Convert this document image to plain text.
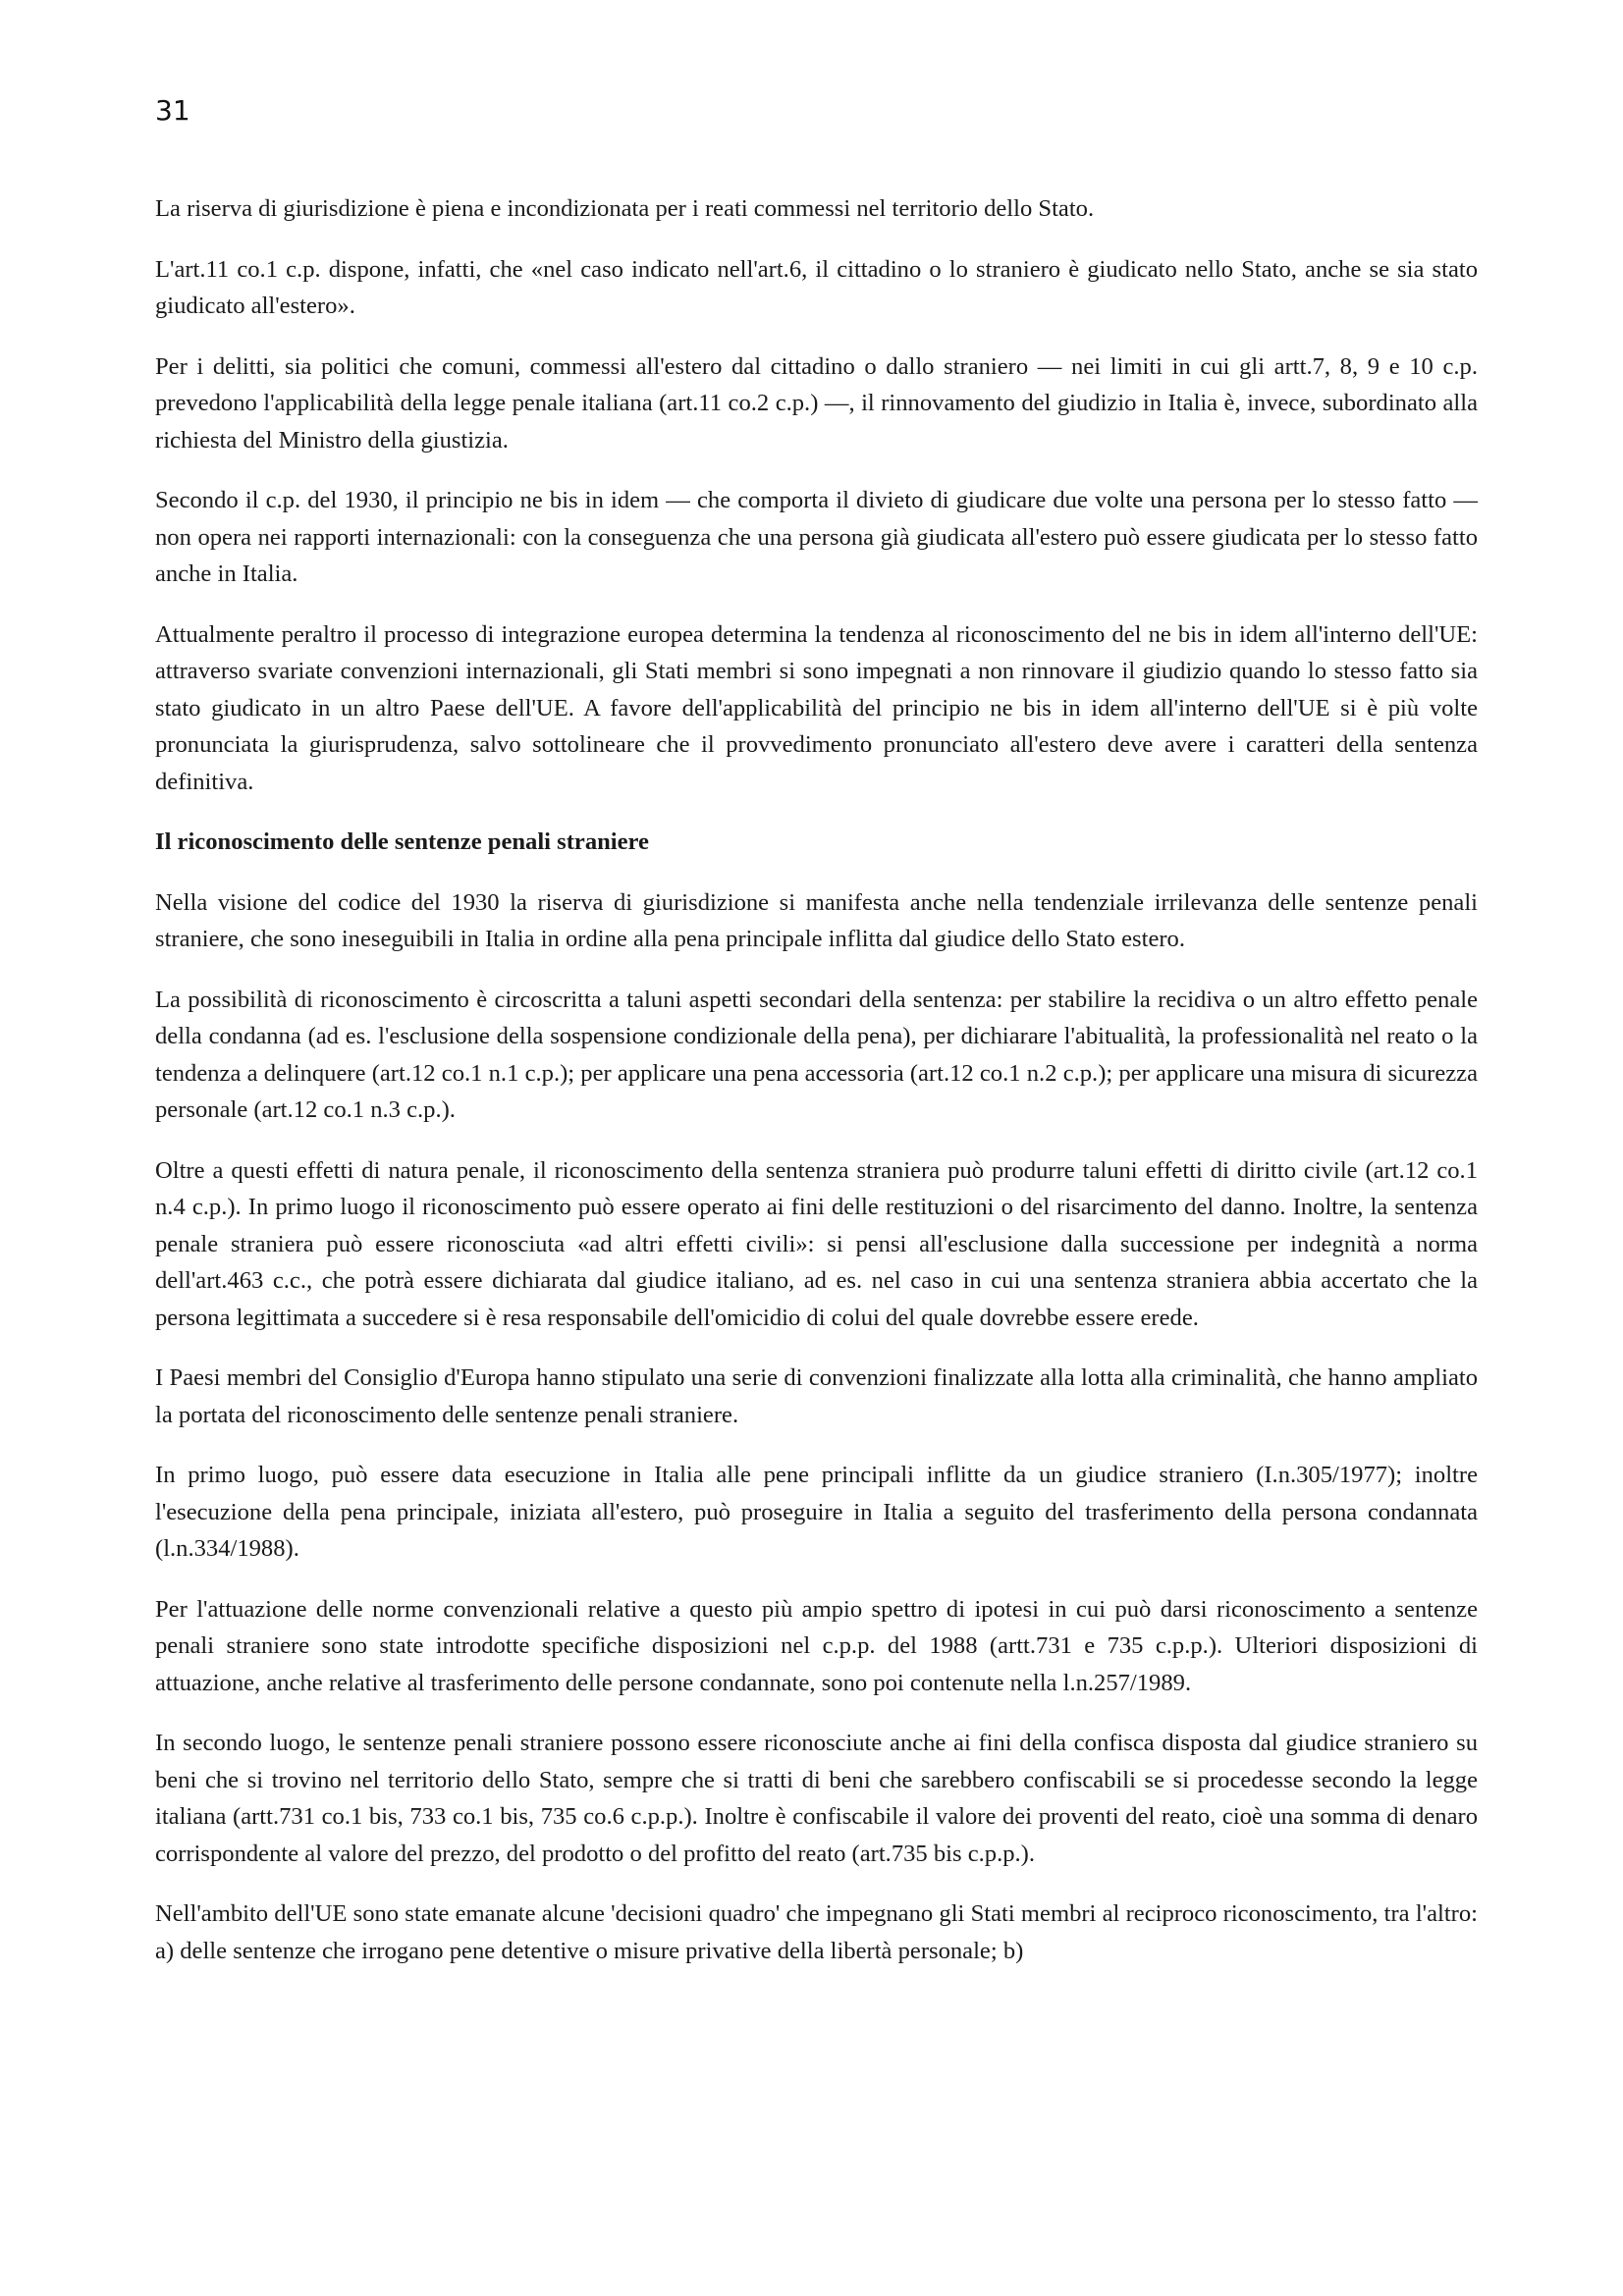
31

La riserva di giurisdizione è piena e incondizionata per i reati commessi nel territorio dello Stato.

L'art.11 co.1 c.p. dispone, infatti, che «nel caso indicato nell'art.6, il cittadino o lo straniero è giudicato nello Stato, anche se sia stato giudicato all'estero».

Per i delitti, sia politici che comuni, commessi all'estero dal cittadino o dallo straniero — nei limiti in cui gli artt.7, 8, 9 e 10 c.p. prevedono l'applicabilità della legge penale italiana (art.11 co.2 c.p.) —, il rinnovamento del giudizio in Italia è, invece, subordinato alla richiesta del Ministro della giustizia.

Secondo il c.p. del 1930, il principio ne bis in idem — che comporta il divieto di giudicare due volte una persona per lo stesso fatto — non opera nei rapporti internazionali: con la conseguenza che una persona già giudicata all'estero può essere giudicata per lo stesso fatto anche in Italia.

Attualmente peraltro il processo di integrazione europea determina la tendenza al riconoscimento del ne bis in idem all'interno dell'UE: attraverso svariate convenzioni internazionali, gli Stati membri si sono impegnati a non rinnovare il giudizio quando lo stesso fatto sia stato giudicato in un altro Paese dell'UE. A favore dell'applicabilità del principio ne bis in idem all'interno dell'UE si è più volte pronunciata la giurisprudenza, salvo sottolineare che il provvedimento pronunciato all'estero deve avere i caratteri della sentenza definitiva.

Il riconoscimento delle sentenze penali straniere

Nella visione del codice del 1930 la riserva di giurisdizione si manifesta anche nella tendenziale irrilevanza delle sentenze penali straniere, che sono ineseguibili in Italia in ordine alla pena principale inflitta dal giudice dello Stato estero.

La possibilità di riconoscimento è circoscritta a taluni aspetti secondari della sentenza: per stabilire la recidiva o un altro effetto penale della condanna (ad es. l'esclusione della sospensione condizionale della pena), per dichiarare l'abitualità, la professionalità nel reato o la tendenza a delinquere (art.12 co.1 n.1 c.p.); per applicare una pena accessoria (art.12 co.1 n.2 c.p.); per applicare una misura di sicurezza personale (art.12 co.1 n.3 c.p.).

Oltre a questi effetti di natura penale, il riconoscimento della sentenza straniera può produrre taluni effetti di diritto civile (art.12 co.1 n.4 c.p.). In primo luogo il riconoscimento può essere operato ai fini delle restituzioni o del risarcimento del danno. Inoltre, la sentenza penale straniera può essere riconosciuta «ad altri effetti civili»: si pensi all'esclusione dalla successione per indegnità a norma dell'art.463 c.c., che potrà essere dichiarata dal giudice italiano, ad es. nel caso in cui una sentenza straniera abbia accertato che la persona legittimata a succedere si è resa responsabile dell'omicidio di colui del quale dovrebbe essere erede.

I Paesi membri del Consiglio d'Europa hanno stipulato una serie di convenzioni finalizzate alla lotta alla criminalità, che hanno ampliato la portata del riconoscimento delle sentenze penali straniere.

In primo luogo, può essere data esecuzione in Italia alle pene principali inflitte da un giudice straniero (I.n.305/1977); inoltre l'esecuzione della pena principale, iniziata all'estero, può proseguire in Italia a seguito del trasferimento della persona condannata (l.n.334/1988).

Per l'attuazione delle norme convenzionali relative a questo più ampio spettro di ipotesi in cui può darsi riconoscimento a sentenze penali straniere sono state introdotte specifiche disposizioni nel c.p.p. del 1988 (artt.731 e 735 c.p.p.). Ulteriori disposizioni di attuazione, anche relative al trasferimento delle persone condannate, sono poi contenute nella l.n.257/1989.

In secondo luogo, le sentenze penali straniere possono essere riconosciute anche ai fini della confisca disposta dal giudice straniero su beni che si trovino nel territorio dello Stato, sempre che si tratti di beni che sarebbero confiscabili se si procedesse secondo la legge italiana (artt.731 co.1 bis, 733 co.1 bis, 735 co.6 c.p.p.). Inoltre è confiscabile il valore dei proventi del reato, cioè una somma di denaro corrispondente al valore del prezzo, del prodotto o del profitto del reato (art.735 bis c.p.p.).

Nell'ambito dell'UE sono state emanate alcune 'decisioni quadro' che impegnano gli Stati membri al reciproco riconoscimento, tra l'altro: a) delle sentenze che irrogano pene detentive o misure privative della libertà personale; b)
